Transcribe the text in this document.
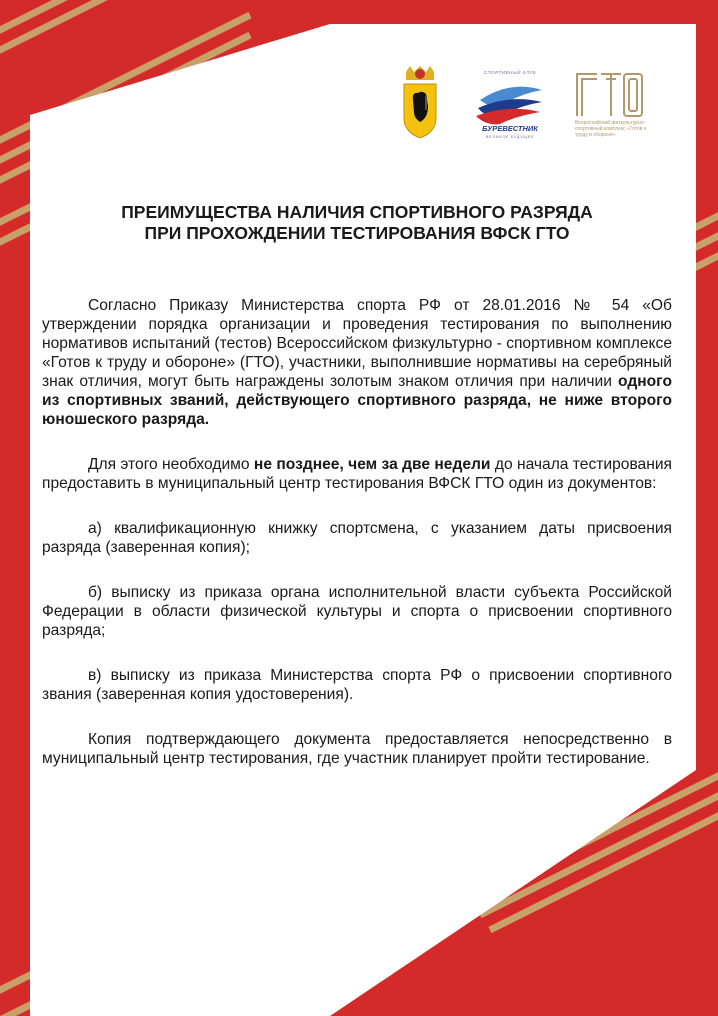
СПОРТИВНЫЙ КЛУБ
БУРЕВЕСТНИК
ВЕЛИКОЕ БУДУЩЕЕ
Всероссийский физкультурно-спортивный комплекс «Готов к труду и обороне»
ПРЕИМУЩЕСТВА НАЛИЧИЯ СПОРТИВНОГО РАЗРЯДА
ПРИ ПРОХОЖДЕНИИ ТЕСТИРОВАНИЯ ВФСК ГТО

Согласно Приказу Министерства спорта РФ от 28.01.2016 № 54 «Об утверждении порядка организации и проведения тестирования по выполнению нормативов испытаний (тестов) Всероссийском физкультурно - спортивном комплексе «Готов к труду и обороне» (ГТО), участники, выполнившие нормативы на серебряный знак отличия, могут быть награждены золотым знаком отличия при наличии одного из спортивных званий, действующего спортивного разряда, не ниже второго юношеского разряда.

Для этого необходимо не позднее, чем за две недели до начала тестирования предоставить в муниципальный центр тестирования ВФСК ГТО один из документов:

а) квалификационную книжку спортсмена, с указанием даты присвоения разряда (заверенная копия);

б) выписку из приказа органа исполнительной власти субъекта Российской Федерации в области физической культуры и спорта о присвоении спортивного разряда;

в) выписку из приказа Министерства спорта РФ о присвоении спортивного звания (заверенная копия удостоверения).

Копия подтверждающего документа предоставляется непосредственно в муниципальный центр тестирования, где участник планирует пройти тестирование.
